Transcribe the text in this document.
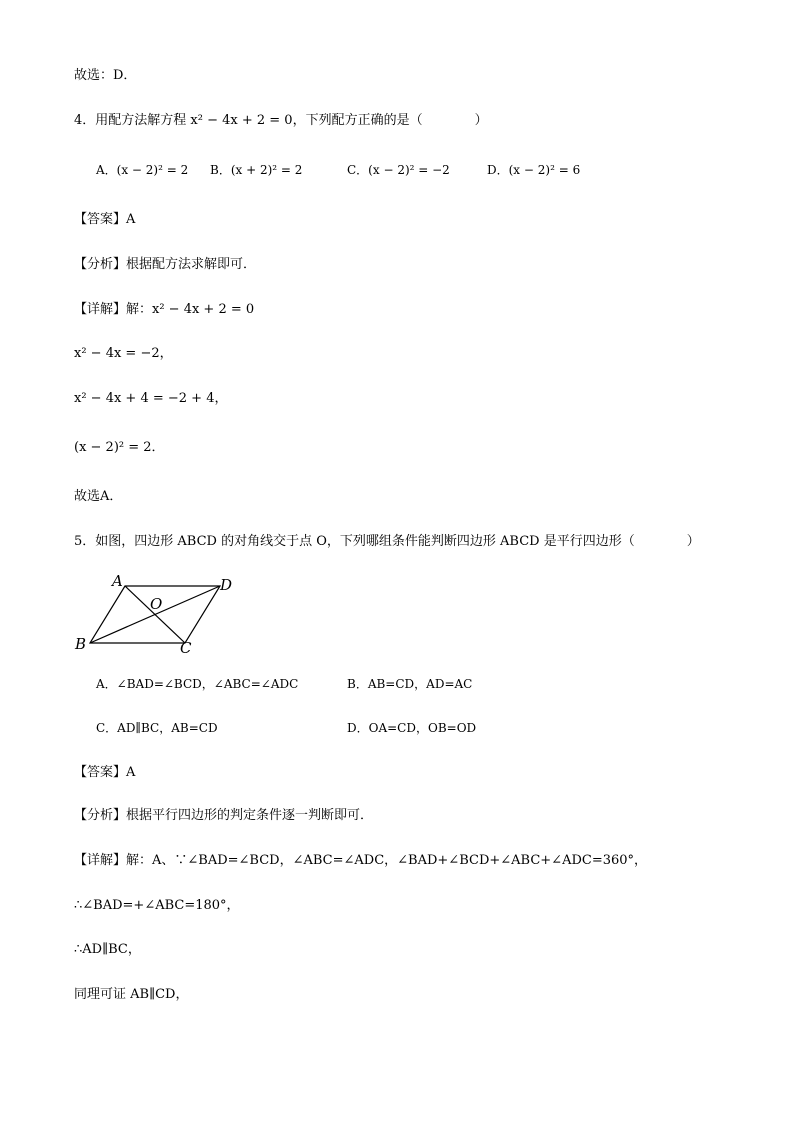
故选：D．
4．用配方法解方程 x² − 4x + 2 = 0，下列配方正确的是（　　　　）
A．(x − 2)² = 2 B．(x + 2)² = 2	C．(x − 2)² = −2	D．(x − 2)² = 6
【答案】A
【分析】根据配方法求解即可．
【详解】解：x² − 4x + 2 = 0
x² − 4x = −2，
x² − 4x + 4 = −2 + 4，
(x − 2)² = 2．
故选A．
5．如图，四边形 ABCD 的对角线交于点 O，下列哪组条件能判断四边形 ABCD 是平行四边形（　　　　）
A	D
B	C
O
A．∠BAD=∠BCD，∠ABC=∠ADC	B．AB=CD，AD=AC
C．AD∥BC，AB=CD	D．OA=CD，OB=OD
【答案】A
【分析】根据平行四边形的判定条件逐一判断即可．
【详解】解：A、∵∠BAD=∠BCD，∠ABC=∠ADC，∠BAD+∠BCD+∠ABC+∠ADC=360°，
∴∠BAD=+∠ABC=180°，
∴AD∥BC，
同理可证 AB∥CD，
